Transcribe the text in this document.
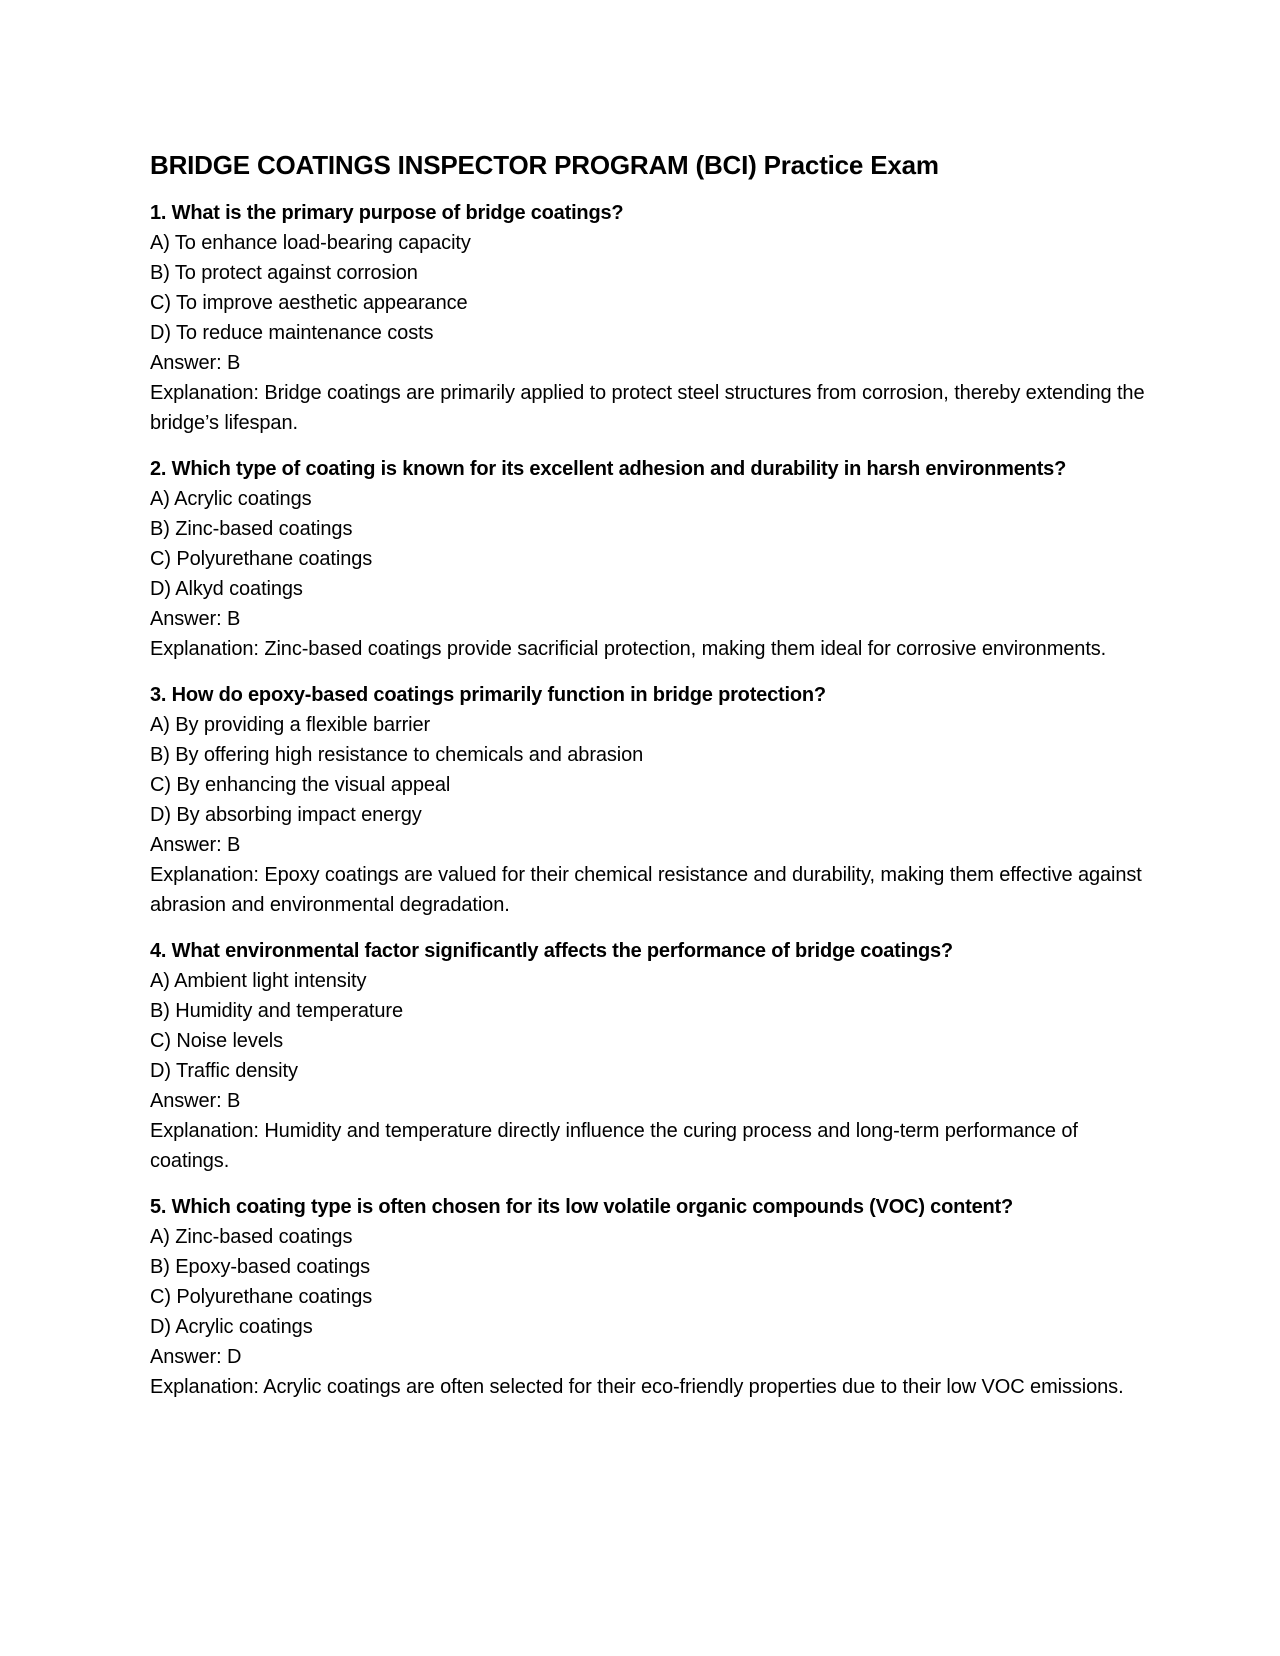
BRIDGE COATINGS INSPECTOR PROGRAM (BCI) Practice Exam

1. What is the primary purpose of bridge coatings?

A) To enhance load-bearing capacity

B) To protect against corrosion

C) To improve aesthetic appearance

D) To reduce maintenance costs

Answer: B

Explanation: Bridge coatings are primarily applied to protect steel structures from corrosion, thereby extending the bridge’s lifespan.

2. Which type of coating is known for its excellent adhesion and durability in harsh environments?

A) Acrylic coatings

B) Zinc-based coatings

C) Polyurethane coatings

D) Alkyd coatings

Answer: B

Explanation: Zinc-based coatings provide sacrificial protection, making them ideal for corrosive environments.

3. How do epoxy-based coatings primarily function in bridge protection?

A) By providing a flexible barrier

B) By offering high resistance to chemicals and abrasion

C) By enhancing the visual appeal

D) By absorbing impact energy

Answer: B

Explanation: Epoxy coatings are valued for their chemical resistance and durability, making them effective against abrasion and environmental degradation.

4. What environmental factor significantly affects the performance of bridge coatings?

A) Ambient light intensity

B) Humidity and temperature

C) Noise levels

D) Traffic density

Answer: B

Explanation: Humidity and temperature directly influence the curing process and long-term performance of coatings.

5. Which coating type is often chosen for its low volatile organic compounds (VOC) content?

A) Zinc-based coatings

B) Epoxy-based coatings

C) Polyurethane coatings

D) Acrylic coatings

Answer: D

Explanation: Acrylic coatings are often selected for their eco-friendly properties due to their low VOC emissions.
